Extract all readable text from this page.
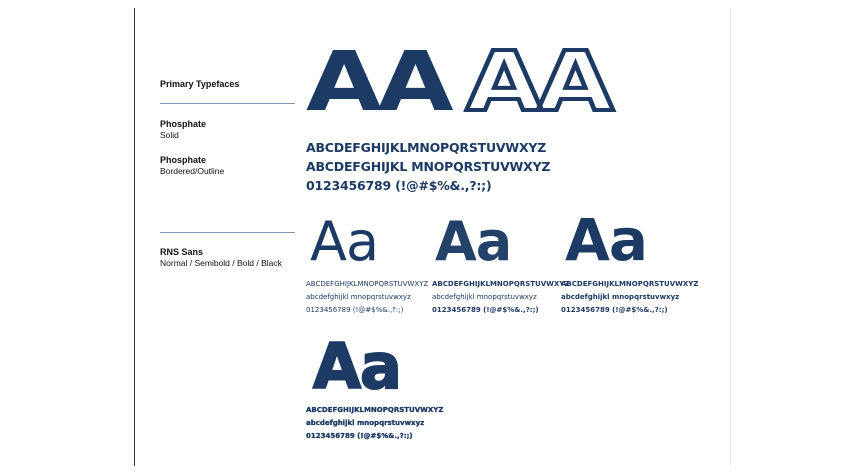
Primary Typefaces
Phosphate
Solid
Phosphate
Bordered/Outline
RNS Sans
Normal / Semibold / Bold / Black
AA AA
ABCDEFGHIJKLMNOPQRSTUVWXYZ
ABCDEFGHIJKL MNOPQRSTUVWXYZ
0123456789 (!@#$%&.,?:;)
Aa
ABCDEFGHIJKLMNOPQRSTUVWXYZ
abcdefghijkl mnopqrstuvwxyz
0123456789 (!@#$%&.,?:;)
Aa
ABCDEFGHIJKLMNOPQRSTUVWXYZ
abcdefghijkl mnopqrstuvwxyz
0123456789 (!@#$%&.,?:;)
Aa
ABCDEFGHIJKLMNOPQRSTUVWXYZ
abcdefghijkl mnopqrstuvwxyz
0123456789 (!@#$%&.,?:;)
Aa
ABCDEFGHIJKLMNOPQRSTUVWXYZ
abcdefghijkl mnopqrstuvwxyz
0123456789 (!@#$%&.,?:;)
